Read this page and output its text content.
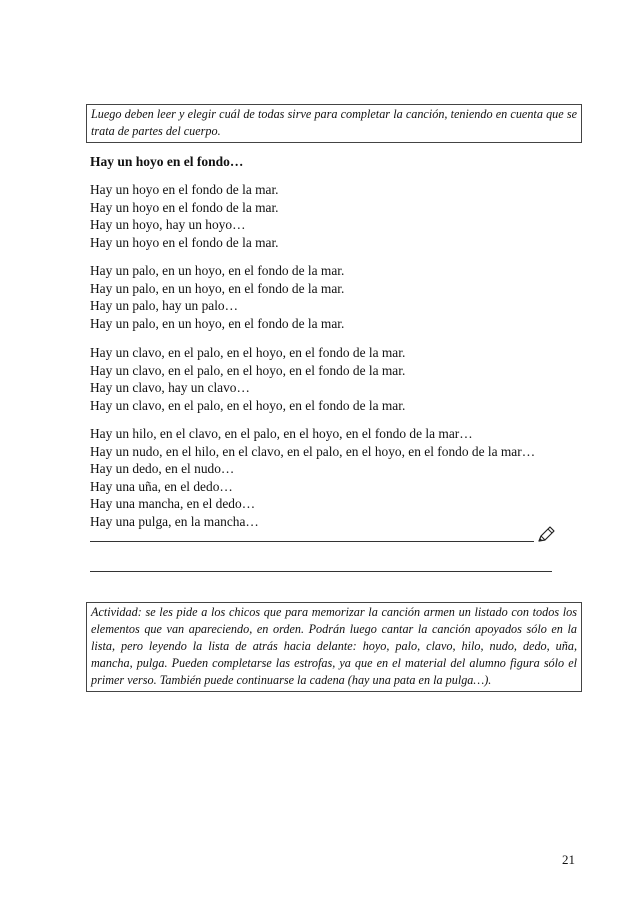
Luego deben leer y elegir cuál de todas sirve para completar la canción, teniendo en cuenta que se trata de partes del cuerpo.

Hay un hoyo en el fondo…
Hay un hoyo en el fondo de la mar.
Hay un hoyo en el fondo de la mar.
Hay un hoyo, hay un hoyo…
Hay un hoyo en el fondo de la mar.
Hay un palo, en un hoyo, en el fondo de la mar.
Hay un palo, en un hoyo, en el fondo de la mar.
Hay un palo, hay un palo…
Hay un palo, en un hoyo, en el fondo de la mar.
Hay un clavo, en el palo, en el hoyo, en el fondo de la mar.
Hay un clavo, en el palo, en el hoyo, en el fondo de la mar.
Hay un clavo, hay un clavo…
Hay un clavo, en el palo, en el hoyo, en el fondo de la mar.
Hay un hilo, en el clavo, en el palo, en el hoyo, en el fondo de la mar…
Hay un nudo, en el hilo, en el clavo, en el palo, en el hoyo, en el fondo de la mar…
Hay un dedo, en el nudo…
Hay una uña, en el dedo…
Hay una mancha, en el dedo…
Hay una pulga, en la mancha…

Actividad: se les pide a los chicos que para memorizar la canción armen un listado con todos los elementos que van apareciendo, en orden. Podrán luego cantar la canción apoyados sólo en la lista, pero leyendo la lista de atrás hacia delante: hoyo, palo, clavo, hilo, nudo, dedo, uña, mancha, pulga. Pueden completarse las estrofas, ya que en el material del alumno figura sólo el primer verso. También puede continuarse la cadena (hay una pata en la pulga…).

21
